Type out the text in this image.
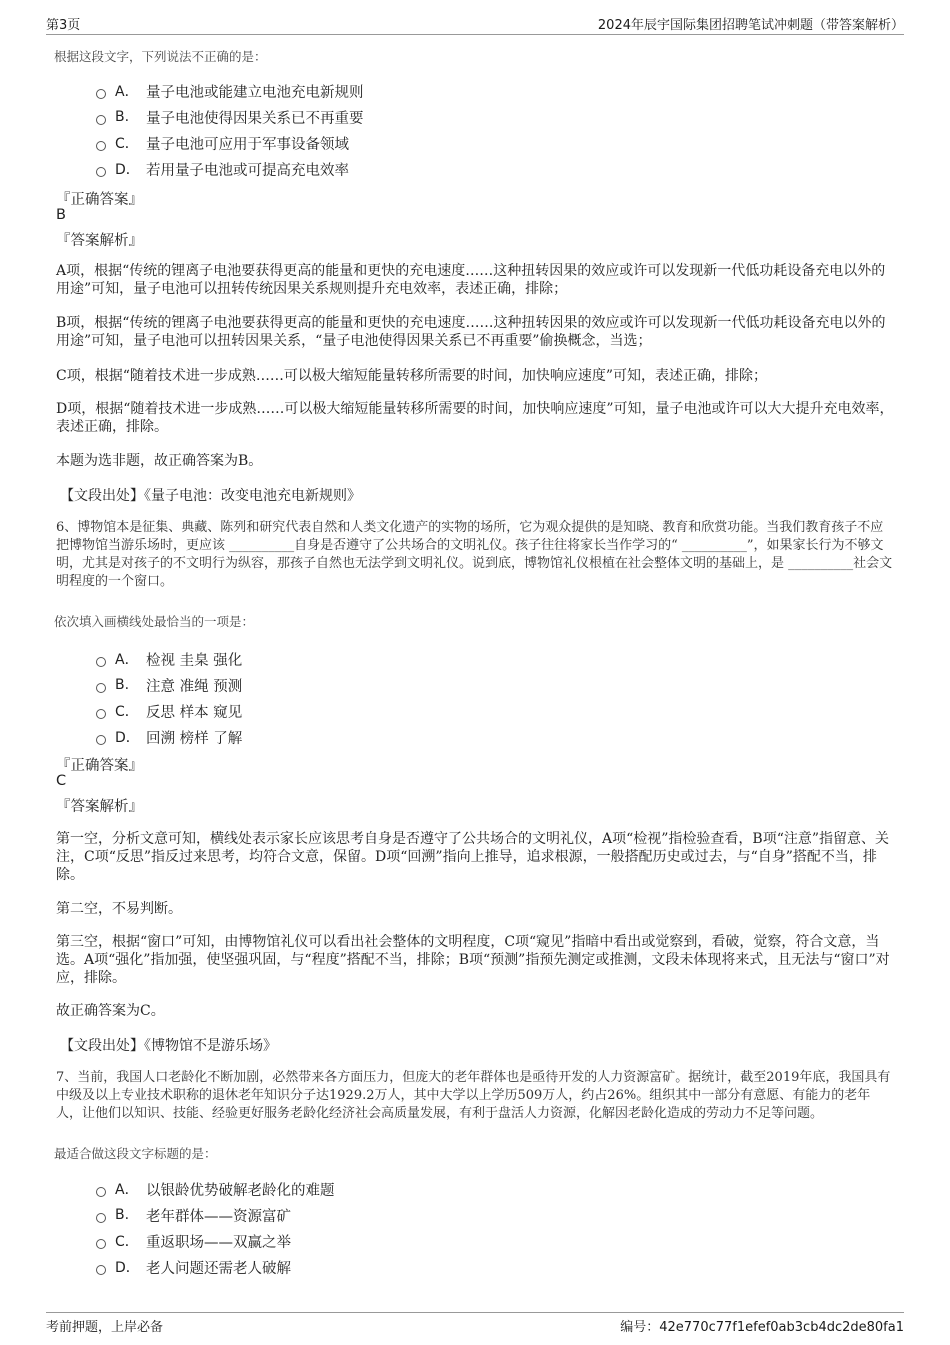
第3页	2024年辰宇国际集团招聘笔试冲刺题（带答案解析）

根据这段文字，下列说法不正确的是：

A． 量子电池或能建立电池充电新规则
B.	量子电池使得因果关系已不再重要
C． 量子电池可应用于军事设备领域
D． 若用量子电池或可提高充电效率

『正确答案』

B

『答案解析』

A项，根据“传统的锂离子电池要获得更高的能量和更快的充电速度……这种扭转因果的效应或许可以发现新一代低功耗设备充电以外的用途”可知，量子电池可以扭转传统因果关系规则提升充电效率，表述正确，排除；

B项，根据“传统的锂离子电池要获得更高的能量和更快的充电速度……这种扭转因果的效应或许可以发现新一代低功耗设备充电以外的用途”可知，量子电池可以扭转因果关系，“量子电池使得因果关系已不再重要”偷换概念，当选；

C项，根据“随着技术进一步成熟……可以极大缩短能量转移所需要的时间，加快响应速度”可知，表述正确，排除；

D项，根据“随着技术进一步成熟……可以极大缩短能量转移所需要的时间，加快响应速度”可知，量子电池或许可以大大提升充电效率，表述正确，排除。

本题为选非题，故正确答案为B。

【文段出处】《量子电池：改变电池充电新规则》

6、博物馆本是征集、典藏、陈列和研究代表自然和人类文化遗产的实物的场所，它为观众提供的是知晓、教育和欣赏功能。当我们教育孩子不应把博物馆当游乐场时，更应该 __________自身是否遵守了公共场合的文明礼仪。孩子往往将家长当作学习的“ __________”，如果家长行为不够文明，尤其是对孩子的不文明行为纵容，那孩子自然也无法学到文明礼仪。说到底，博物馆礼仪根植在社会整体文明的基础上，是 __________社会文明程度的一个窗口。

依次填入画横线处最恰当的一项是：

A． 检视 圭臬 强化
B.	注意 准绳 预测
C． 反思 样本 窥见
D． 回溯 榜样 了解

『正确答案』

C

『答案解析』

第一空，分析文意可知，横线处表示家长应该思考自身是否遵守了公共场合的文明礼仪，A项“检视”指检验查看，B项“注意”指留意、关注，C项“反思”指反过来思考，均符合文意，保留。D项“回溯”指向上推导，追求根源，一般搭配历史或过去，与“自身”搭配不当，排除。

第二空，不易判断。

第三空，根据“窗口”可知，由博物馆礼仪可以看出社会整体的文明程度，C项“窥见”指暗中看出或觉察到，看破，觉察，符合文意，当选。A项“强化”指加强，使坚强巩固，与“程度”搭配不当，排除；B项“预测”指预先测定或推测，文段未体现将来式，且无法与“窗口”对应，排除。

故正确答案为C。

【文段出处】《博物馆不是游乐场》

7、当前，我国人口老龄化不断加剧，必然带来各方面压力，但庞大的老年群体也是亟待开发的人力资源富矿。据统计，截至2019年底，我国具有中级及以上专业技术职称的退休老年知识分子达1929.2万人，其中大学以上学历509万人，约占26%。组织其中一部分有意愿、有能力的老年人，让他们以知识、技能、经验更好服务老龄化经济社会高质量发展，有利于盘活人力资源，化解因老龄化造成的劳动力不足等问题。

最适合做这段文字标题的是：

A． 以银龄优势破解老龄化的难题
B.	老年群体——资源富矿
C． 重返职场——双赢之举
D． 老人问题还需老人破解
考前押题，上岸必备	编号：42e770c77f1efef0ab3cb4dc2de80fa1
